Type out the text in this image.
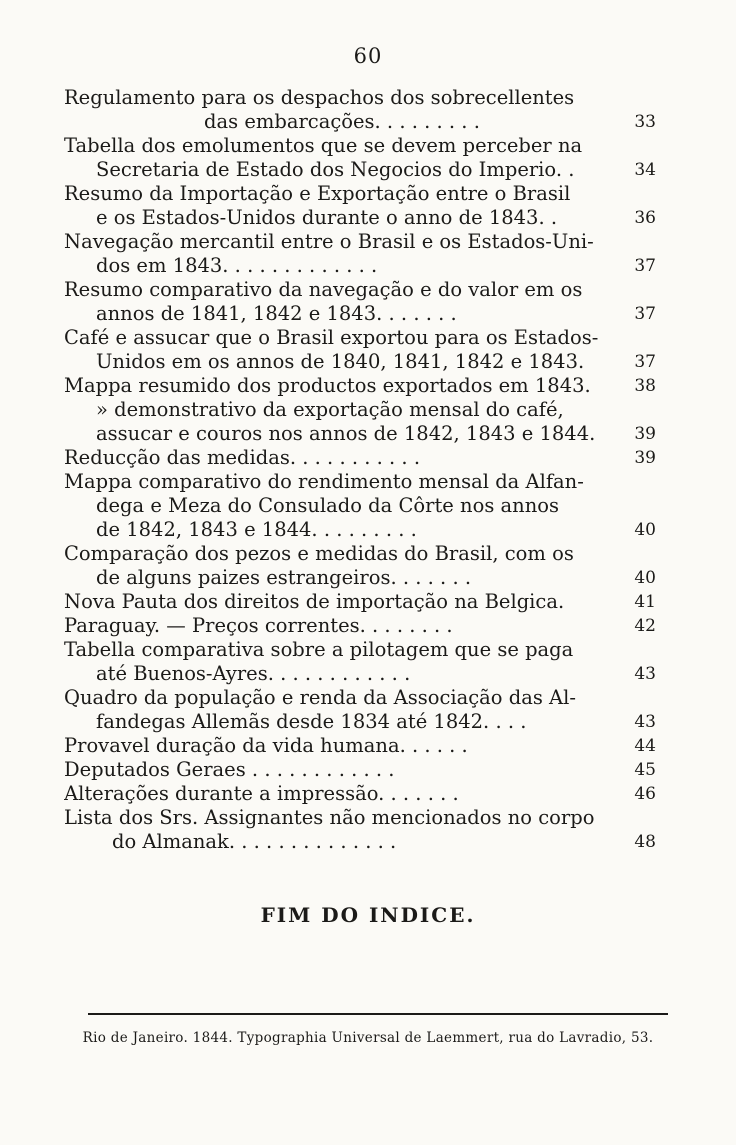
60
Regulamento para os despachos dos sobrecellentes
das embarcações. . . . . . . . .	33
Tabella dos emolumentos que se devem perceber na
Secretaria de Estado dos Negocios do Imperio. .	34
Resumo da Importação e Exportação entre o Brasil
e os Estados-Unidos durante o anno de 1843. .	36
Navegação mercantil entre o Brasil e os Estados-Uni-
dos em 1843. . . . . . . . . . . . .	37
Resumo comparativo da navegação e do valor em os
annos de 1841, 1842 e 1843. . . . . . .	37
Café e assucar que o Brasil exportou para os Estados-
Unidos em os annos de 1840, 1841, 1842 e 1843.	37
Mappa resumido dos productos exportados em 1843.	38
» demonstrativo da exportação mensal do café,
assucar e couros nos annos de 1842, 1843 e 1844.	39
Reducção das medidas. . . . . . . . . . .	39
Mappa comparativo do rendimento mensal da Alfan-
dega e Meza do Consulado da Côrte nos annos
de 1842, 1843 e 1844. . . . . . . . .	40
Comparação dos pezos e medidas do Brasil, com os
de alguns paizes estrangeiros. . . . . . .	40
Nova Pauta dos direitos de importação na Belgica.	41
Paraguay. — Preços correntes. . . . . . . .	42
Tabella comparativa sobre a pilotagem que se paga
até Buenos-Ayres. . . . . . . . . . . .	43
Quadro da população e renda da Associação das Al-
fandegas Allemãs desde 1834 até 1842. . . .	43
Provavel duração da vida humana. . . . . .	44
Deputados Geraes . . . . . . . . . . . .	45
Alterações durante a impressão. . . . . . .	46
Lista dos Srs. Assignantes não mencionados no corpo
do Almanak. . . . . . . . . . . . . .	48
FIM DO INDICE.
Rio de Janeiro. 1844. Typographia Universal de Laemmert, rua do Lavradio, 53.
